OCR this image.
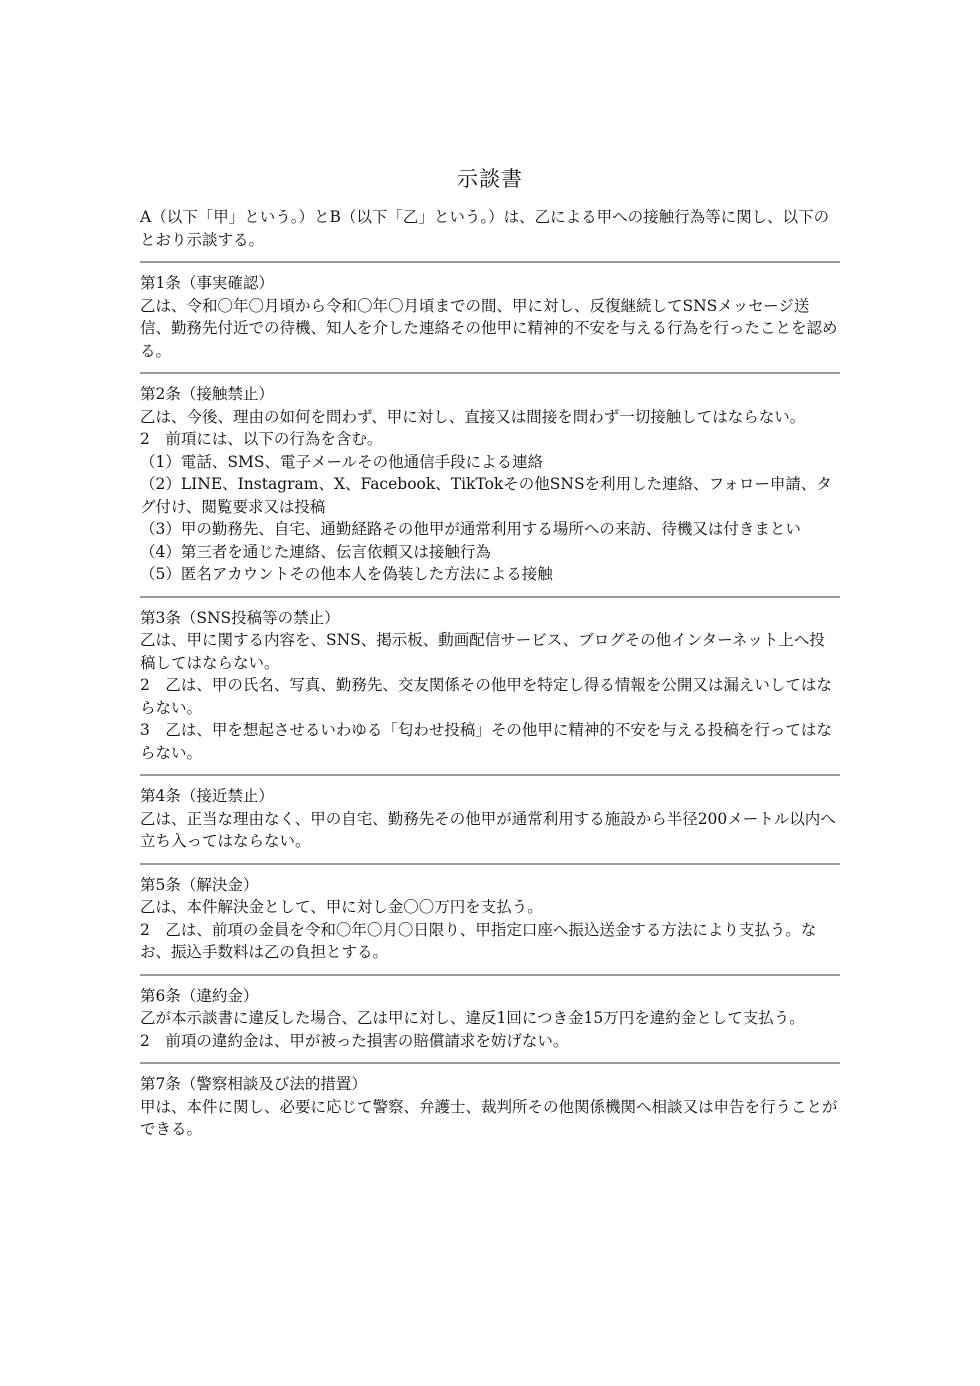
示談書

A（以下「甲」という。）とB（以下「乙」という。）は、乙による甲への接触行為等に関し、以下のとおり示談する。

第1条（事実確認）

乙は、令和〇年〇月頃から令和〇年〇月頃までの間、甲に対し、反復継続してSNSメッセージ送信、勤務先付近での待機、知人を介した連絡その他甲に精神的不安を与える行為を行ったことを認める。

第2条（接触禁止）

乙は、今後、理由の如何を問わず、甲に対し、直接又は間接を問わず一切接触してはならない。

2　前項には、以下の行為を含む。

（1）電話、SMS、電子メールその他通信手段による連絡

（2）LINE、Instagram、X、Facebook、TikTokその他SNSを利用した連絡、フォロー申請、タグ付け、閲覧要求又は投稿

（3）甲の勤務先、自宅、通勤経路その他甲が通常利用する場所への来訪、待機又は付きまとい

（4）第三者を通じた連絡、伝言依頼又は接触行為

（5）匿名アカウントその他本人を偽装した方法による接触

第3条（SNS投稿等の禁止）

乙は、甲に関する内容を、SNS、掲示板、動画配信サービス、ブログその他インターネット上へ投稿してはならない。

2　乙は、甲の氏名、写真、勤務先、交友関係その他甲を特定し得る情報を公開又は漏えいしてはならない。

3　乙は、甲を想起させるいわゆる「匂わせ投稿」その他甲に精神的不安を与える投稿を行ってはならない。

第4条（接近禁止）

乙は、正当な理由なく、甲の自宅、勤務先その他甲が通常利用する施設から半径200メートル以内へ立ち入ってはならない。

第5条（解決金）

乙は、本件解決金として、甲に対し金〇〇万円を支払う。

2　乙は、前項の金員を令和〇年〇月〇日限り、甲指定口座へ振込送金する方法により支払う。なお、振込手数料は乙の負担とする。

第6条（違約金）

乙が本示談書に違反した場合、乙は甲に対し、違反1回につき金15万円を違約金として支払う。

2　前項の違約金は、甲が被った損害の賠償請求を妨げない。

第7条（警察相談及び法的措置）

甲は、本件に関し、必要に応じて警察、弁護士、裁判所その他関係機関へ相談又は申告を行うことができる。
